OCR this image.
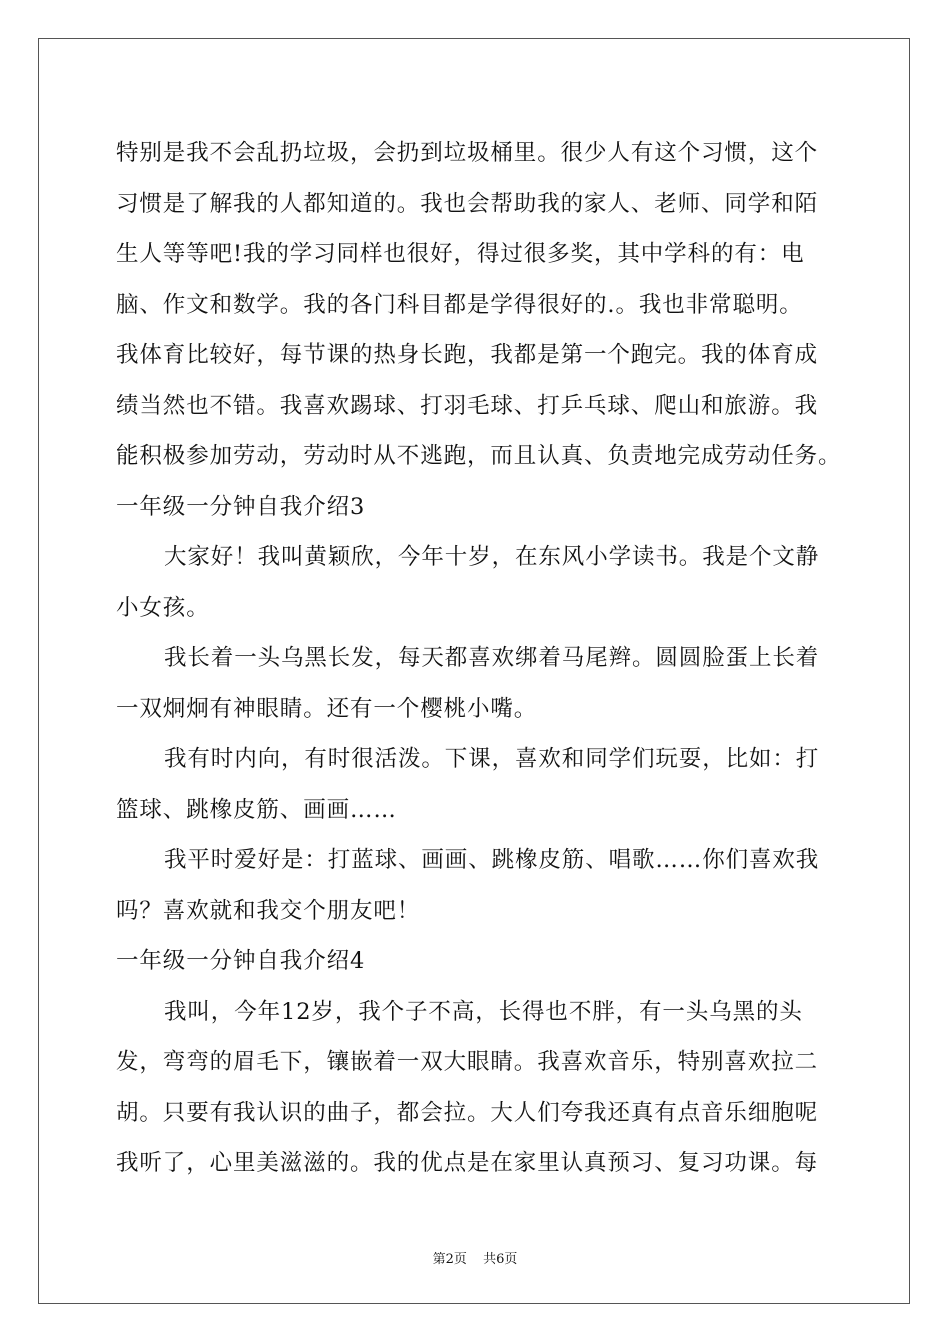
特别是我不会乱扔垃圾，会扔到垃圾桶里。很少人有这个习惯，这个
习惯是了解我的人都知道的。我也会帮助我的家人、老师、同学和陌
生人等等吧!我的学习同样也很好，得过很多奖，其中学科的有：电
脑、作文和数学。我的各门科目都是学得很好的.。我也非常聪明。
我体育比较好，每节课的热身长跑，我都是第一个跑完。我的体育成
绩当然也不错。我喜欢踢球、打羽毛球、打乒乓球、爬山和旅游。我
能积极参加劳动，劳动时从不逃跑，而且认真、负责地完成劳动任务。
一年级一分钟自我介绍3
大家好！我叫黄颖欣，今年十岁，在东风小学读书。我是个文静
小女孩。
我长着一头乌黑长发，每天都喜欢绑着马尾辫。圆圆脸蛋上长着
一双炯炯有神眼睛。还有一个樱桃小嘴。
我有时内向，有时很活泼。下课，喜欢和同学们玩耍，比如：打
篮球、跳橡皮筋、画画……
我平时爱好是：打蓝球、画画、跳橡皮筋、唱歌……你们喜欢我
吗？喜欢就和我交个朋友吧！
一年级一分钟自我介绍4
我叫，今年12岁，我个子不高，长得也不胖，有一头乌黑的头
发，弯弯的眉毛下，镶嵌着一双大眼睛。我喜欢音乐，特别喜欢拉二
胡。只要有我认识的曲子，都会拉。大人们夸我还真有点音乐细胞呢
我听了，心里美滋滋的。我的优点是在家里认真预习、复习功课。每
第2页 共6页
